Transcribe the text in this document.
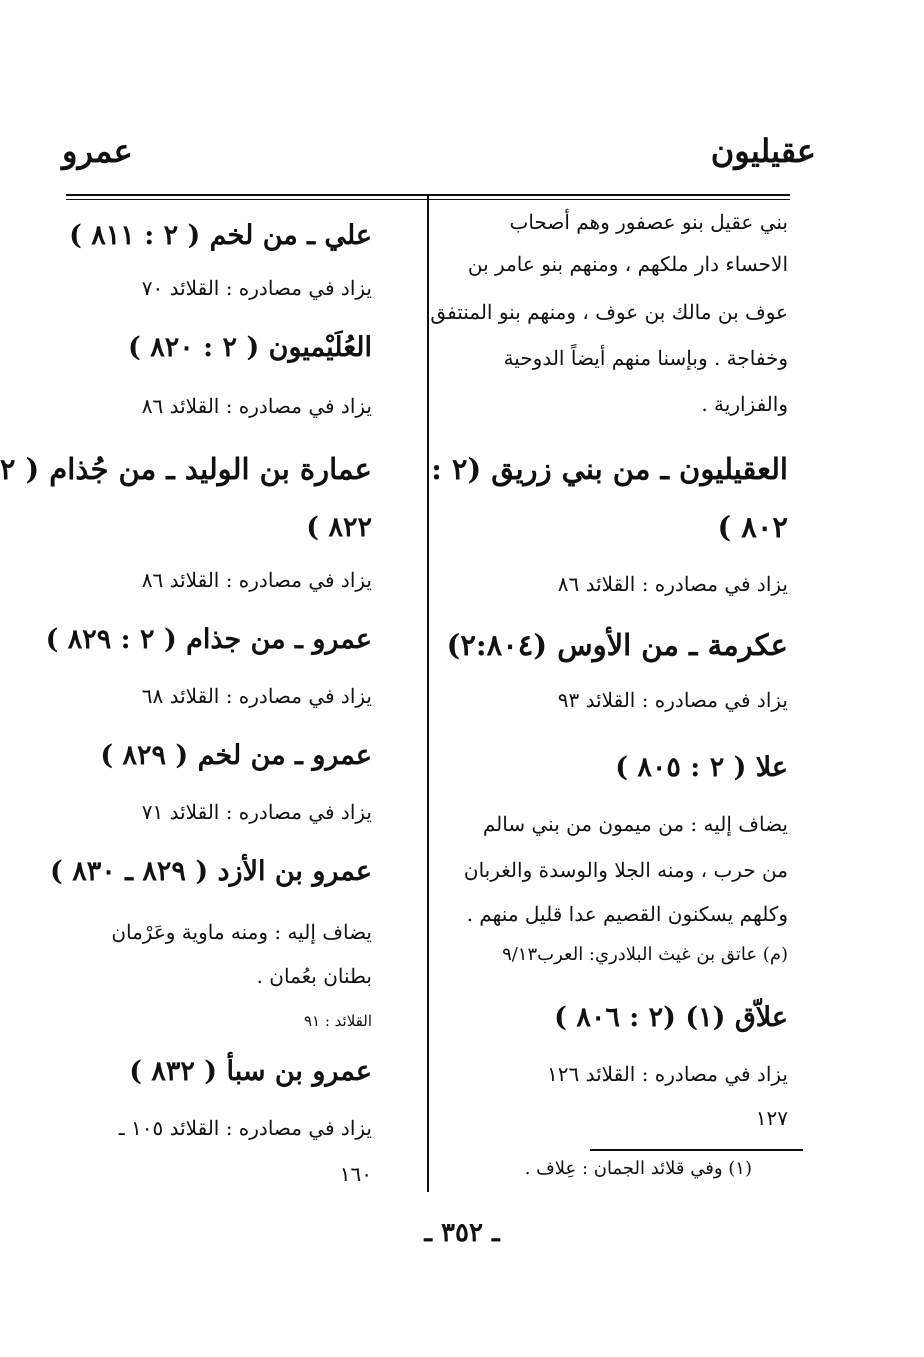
عقيليون
عمرو
بني عقيل بنو عصفور وهم أصحاب
الاحساء دار ملكهم ، ومنهم بنو عامر بن
عوف بن مالك بن عوف ، ومنهم بنو المنتفق
وخفاجة . وبإسنا منهم أيضاً الدوحية
والفزارية .
العقيليون ـ من بني زريق (٢ :
٨٠٢ )
يزاد في مصادره : القلائد ٨٦
عكرمة ـ من الأوس (٢:٨٠٤)
يزاد في مصادره : القلائد ٩٣
علا ( ٢ : ٨٠٥ )
يضاف إليه : من ميمون من بني سالم
من حرب ، ومنه الجلا والوسدة والغربان
وكلهم يسكنون القصيم عدا قليل منهم .
(م) عاتق بن غيث البلادري: العرب٩/١٣
علاّق (١) (٢ : ٨٠٦ )
يزاد في مصادره : القلائد ١٢٦
١٢٧
علي ـ من لخم ( ٢ : ٨١١ )
يزاد في مصادره : القلائد ٧٠
العُلَيْميون ( ٢ : ٨٢٠ )
يزاد في مصادره : القلائد ٨٦
عمارة بن الوليد ـ من جُذام ( ٢
٨٢٢ )
يزاد في مصادره : القلائد ٨٦
عمرو ـ من جذام ( ٢ : ٨٢٩ )
يزاد في مصادره : القلائد ٦٨
عمرو ـ من لخم ( ٨٢٩ )
يزاد في مصادره : القلائد ٧١
عمرو بن الأزد ( ٨٢٩ ـ ٨٣٠ )
يضاف إليه : ومنه ماوية وعَرْمان
بطنان بعُمان .
القلائد : ٩١
عمرو بن سبأ ( ٨٣٢ )
يزاد في مصادره : القلائد ١٠٥ ـ
١٦٠	(١) وفي قلائد الجمان : عِلاف .
ـ ٣٥٢ ـ
